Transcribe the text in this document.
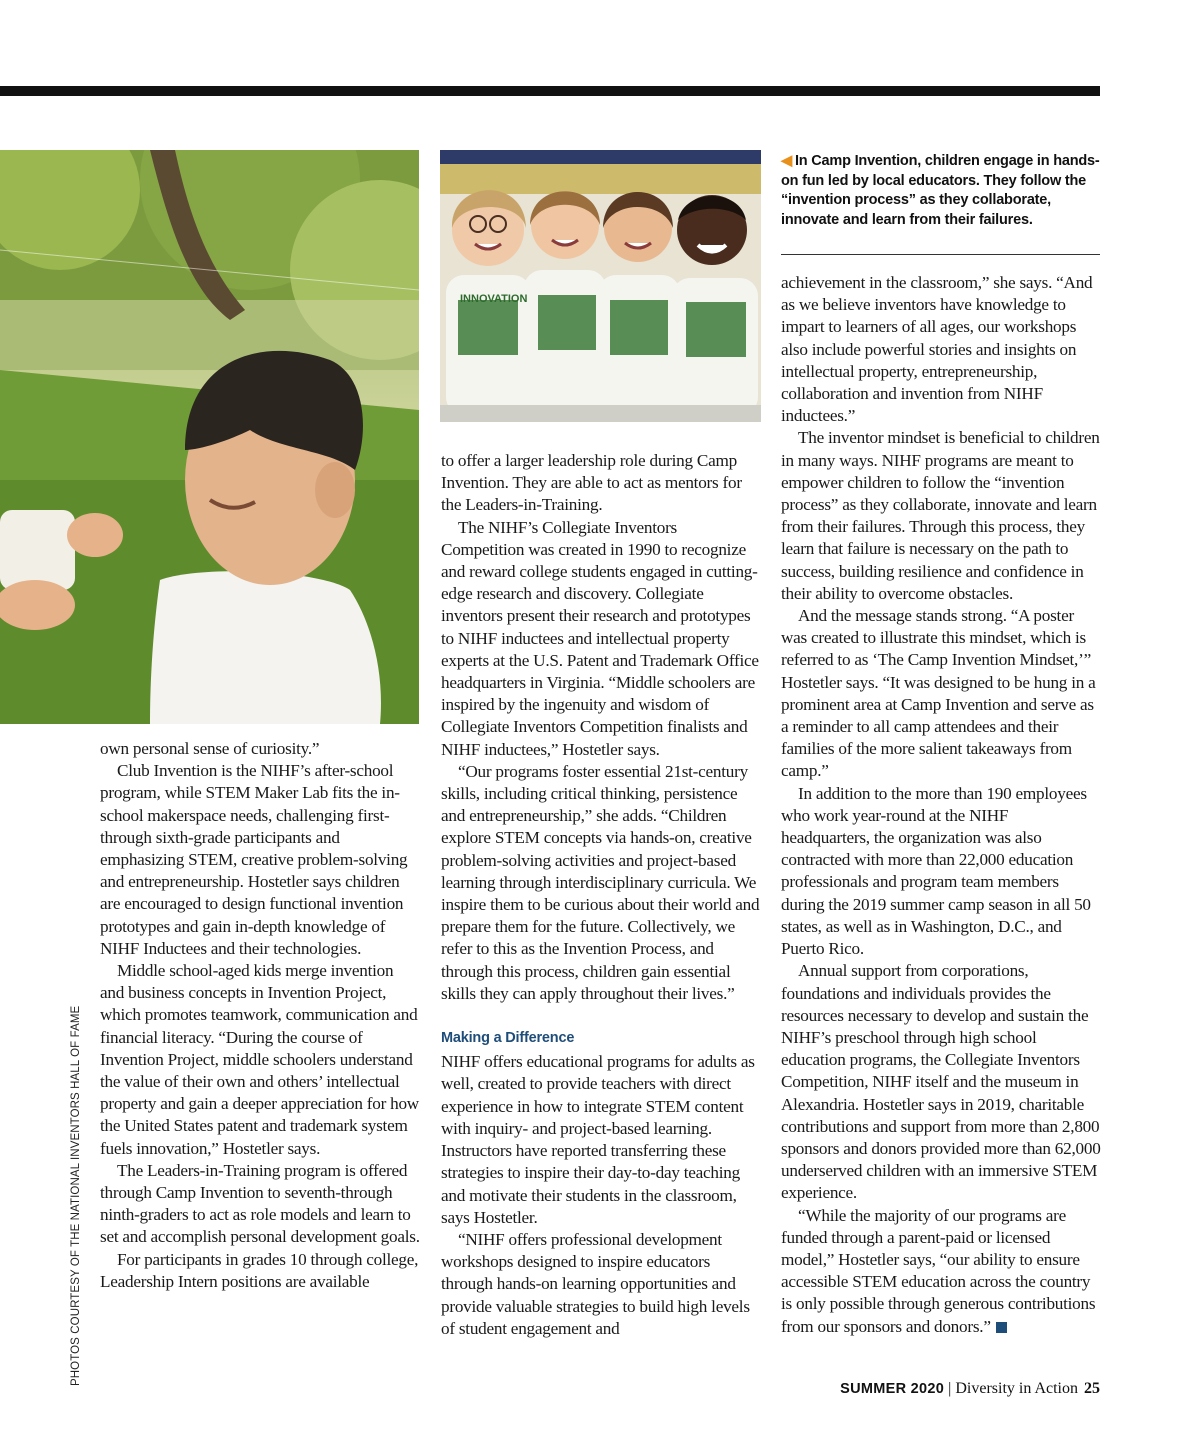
INNOVATION
◀ In Camp Invention, children engage in hands-on fun led by local educators. They follow the “invention process” as they collaborate, innovate and learn from their failures.

own personal sense of curiosity.”

Club Invention is the NIHF’s after-school program, while STEM Maker Lab fits the in-school makerspace needs, challenging first- through sixth-grade participants and emphasizing STEM, creative problem-solving and entrepreneurship. Hostetler says children are encouraged to design functional invention prototypes and gain in-depth knowledge of NIHF Inductees and their technologies.

Middle school-aged kids merge invention and business concepts in Invention Project, which promotes teamwork, communication and financial literacy. “During the course of Invention Project, middle schoolers understand the value of their own and others’ intellectual property and gain a deeper appreciation for how the United States patent and trademark system fuels innovation,” Hostetler says.

The Leaders-in-Training program is offered through Camp Invention to seventh-through ninth-graders to act as role models and learn to set and accomplish personal development goals.

For participants in grades 10 through college, Leadership Intern positions are available

to offer a larger leadership role during Camp Invention. They are able to act as mentors for the Leaders-in-Training.

The NIHF’s Collegiate Inventors Competition was created in 1990 to recognize and reward college students engaged in cutting-edge research and discovery. Collegiate inventors present their research and prototypes to NIHF inductees and intellectual property experts at the U.S. Patent and Trademark Office headquarters in Virginia. “Middle schoolers are inspired by the ingenuity and wisdom of Collegiate Inventors Competition finalists and NIHF inductees,” Hostetler says.

“Our programs foster essential 21st-century skills, including critical thinking, persistence and entrepreneurship,” she adds. “Children explore STEM concepts via hands-on, creative problem-solving activities and project-based learning through interdisciplinary curricula. We inspire them to be curious about their world and prepare them for the future. Collectively, we refer to this as the Invention Process, and through this process, children gain essential skills they can apply throughout their lives.”

Making a Difference

NIHF offers educational programs for adults as well, created to provide teachers with direct experience in how to integrate STEM content with inquiry- and project-based learning. Instructors have reported transferring these strategies to inspire their day-to-day teaching and motivate their students in the classroom, says Hostetler.

“NIHF offers professional development workshops designed to inspire educators through hands-on learning opportunities and provide valuable strategies to build high levels of student engagement and

achievement in the classroom,” she says. “And as we believe inventors have knowledge to impart to learners of all ages, our workshops also include powerful stories and insights on intellectual property, entrepreneurship, collaboration and invention from NIHF inductees.”

The inventor mindset is beneficial to children in many ways. NIHF programs are meant to empower children to follow the “invention process” as they collaborate, innovate and learn from their failures. Through this process, they learn that failure is necessary on the path to success, building resilience and confidence in their ability to overcome obstacles.

And the message stands strong. “A poster was created to illustrate this mindset, which is referred to as ‘The Camp Invention Mindset,’” Hostetler says. “It was designed to be hung in a prominent area at Camp Invention and serve as a reminder to all camp attendees and their families of the more salient takeaways from camp.”

In addition to the more than 190 employees who work year-round at the NIHF headquarters, the organization was also contracted with more than 22,000 education professionals and program team members during the 2019 summer camp season in all 50 states, as well as in Washington, D.C., and Puerto Rico.

Annual support from corporations, foundations and individuals provides the resources necessary to develop and sustain the NIHF’s preschool through high school education programs, the Collegiate Inventors Competition, NIHF itself and the museum in Alexandria. Hostetler says in 2019, charitable contributions and support from more than 2,800 sponsors and donors provided more than 62,000 underserved children with an immersive STEM experience.

“While the majority of our programs are funded through a parent-paid or licensed model,” Hostetler says, “our ability to ensure accessible STEM education across the country is only possible through generous contributions from our sponsors and donors.”

PHOTOS COURTESY OF THE NATIONAL INVENTORS HALL OF FAME
SUMMER 2020 | Diversity in Action 25
